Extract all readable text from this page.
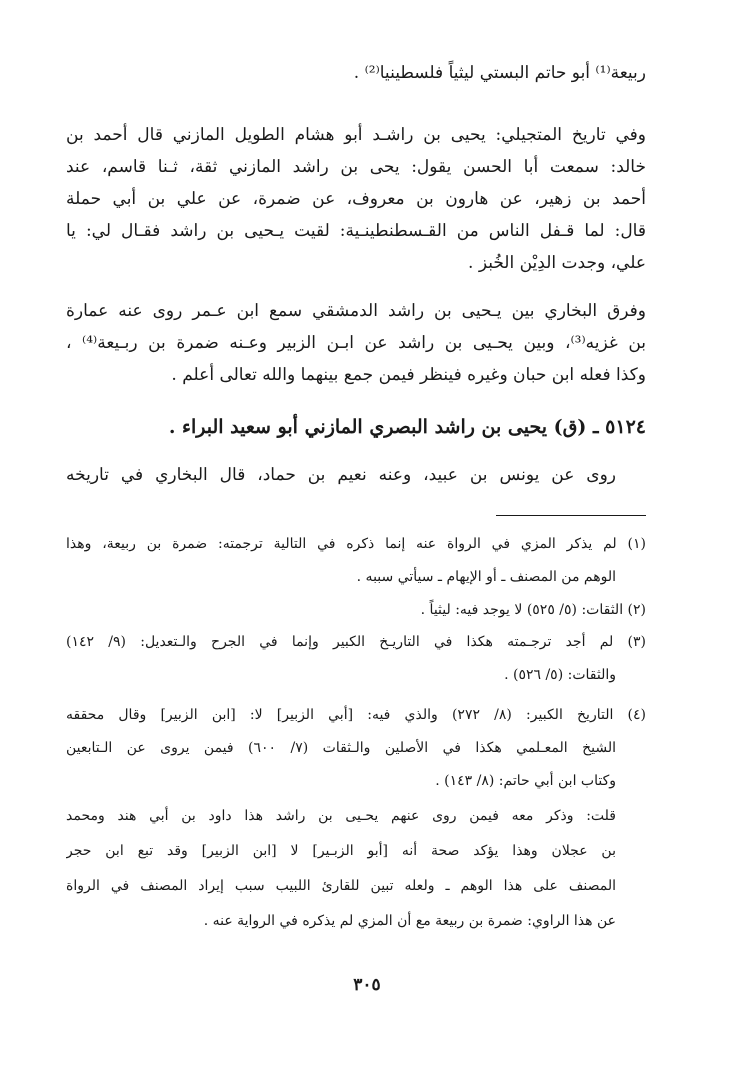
ربيعة⁽¹⁾ أبو حاتم البستي ليثياً فلسطينيا⁽²⁾ .
وفي تاريخ المتجيلي: يحيى بن راشـد أبو هشام الطويل المازني قال أحمد بن
خالد: سمعت أبا الحسن يقول: يحى بن راشد المازني ثقة، ثـنا قاسم، عند
أحمد بن زهير، عن هارون بن معروف، عن ضمرة، عن علي بن أبي حملة
قال: لما قـفل الناس من القـسطنطينـية: لقيت يـحيى بن راشد فقـال لي: يا
علي، وجدت الدِيْن الخُبز .
وفرق البخاري بين يـحيى بن راشد الدمشقي سمع ابن عـمر روى عنه عمارة
بن غزيه⁽³⁾، وبين يحـيى بن راشد عن ابـن الزبير وعـنه ضمرة بن ربـيعة⁽⁴⁾ ،
وكذا فعله ابن حبان وغيره فينظر فيمن جمع بينهما والله تعالى أعلم .
٥١٢٤ ـ (ق) يحيى بن راشد البصري المازني أبو سعيد البراء .
روى عن يونس بن عبيد، وعنه نعيم بن حماد، قال البخاري في تاريخه
(١) لم يذكر المزي في الرواة عنه إنما ذكره في التالية ترجمته: ضمرة بن ربيعة، وهذا
الوهم من المصنف ـ أو الإيهام ـ سيأتي سببه .
(٢) الثقات: (٥/ ٥٢٥) لا يوجد فيه: ليثياً .
(٣) لم أجد ترجـمته هكذا في التاريـخ الكبير وإنما في الجرح والـتعديل: (٩/ ١٤٢)
والثقات: (٥/ ٥٢٦) .
(٤) التاريخ الكبير: (٨/ ٢٧٢) والذي فيه: [أبي الزبير] لا: [ابن الزبير] وقال محققه
الشيخ المعـلمي هكذا في الأصلين والـثقات (٧/ ٦٠٠) فيمن يروى عن الـتابعين
وكتاب ابن أبي حاتم: (٨/ ١٤٣) .
قلت: وذكر معه فيمن روى عنهم يحـيى بن راشد هذا داود بن أبي هند ومحمد
بن عجلان وهذا يؤكد صحة أنه [أبو الزبـير] لا [ابن الزبير] وقد تبع ابن حجر
المصنف على هذا الوهم ـ ولعله تبين للقارئ اللبيب سبب إيراد المصنف في الرواة
عن هذا الراوي: ضمرة بن ربيعة مع أن المزي لم يذكره في الرواية عنه .
٣٠٥
